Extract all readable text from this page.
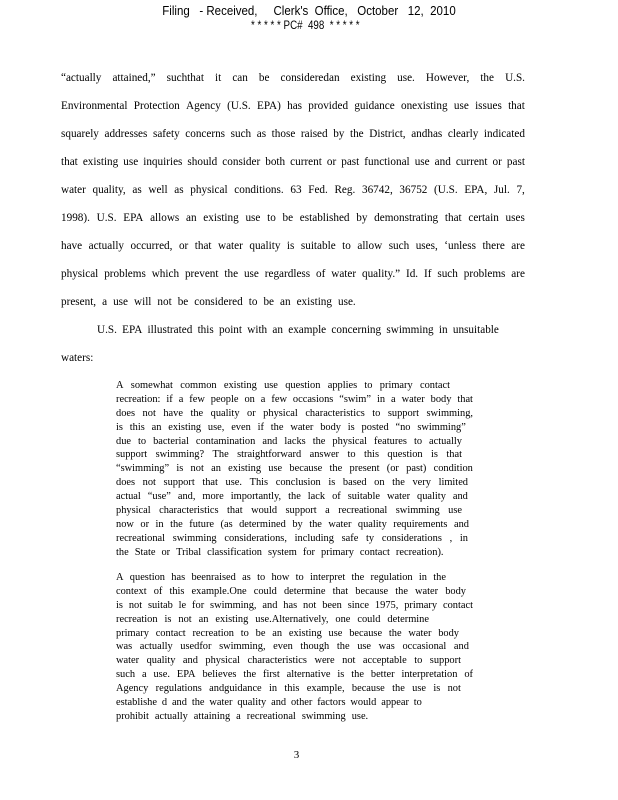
Filing   - Received,     Clerk's  Office,   October   12,  2010
* * * * * PC#  498  * * * * *
“actually attained,” suchthat it can be consideredan existing use. However, the U.S.
Environmental Protection Agency (U.S. EPA) has provided guidance onexisting use issues that
squarely addresses safety concerns such as those raised by the District, andhas clearly indicated
that existing use inquiries should consider both current or past functional use and current or past
water quality, as well as physical conditions. 63 Fed. Reg. 36742, 36752 (U.S. EPA, Jul. 7,
1998). U.S. EPA allows an existing use to be established by demonstrating that certain uses
have actually occurred, or that water quality is suitable to allow such uses, ‘unless there are
physical problems which prevent the use regardless of water quality.” Id. If such problems are
present, a use will not be considered to be an existing use.
U.S. EPA illustrated this point with an example concerning swimming in unsuitable
waters:
A somewhat common existing use question applies to primary contact
recreation: if a few people on a few occasions “swim” in a water body that
does not have the quality or physical characteristics to support swimming,
is this an existing use, even if the water body is posted “no swimming”
due to bacterial contamination and lacks the physical features to actually
support swimming? The straightforward answer to this question is that
“swimming” is not an existing use because the present (or past) condition
does not support that use. This conclusion is based on the very limited
actual “use” and, more importantly, the lack of suitable water quality and
physical characteristics that would support a recreational swimming use
now or in the future (as determined by the water quality requirements and
recreational swimming considerations, including safe ty considerations , in
the State or Tribal classification system for primary contact recreation).
A question has beenraised as to how to interpret the regulation in the
context of this example.One could determine that because the water body
is not suitab le for swimming, and has not been since 1975, primary contact
recreation is not an existing use.Alternatively, one could determine
primary contact recreation to be an existing use because the water body
was actually usedfor swimming, even though the use was occasional and
water quality and physical characteristics were not acceptable to support
such a use. EPA believes the first alternative is the better interpretation of
Agency regulations andguidance in this example, because the use is not
establishe d and the water quality and other factors would appear to
prohibit actually attaining a recreational swimming use.
3
